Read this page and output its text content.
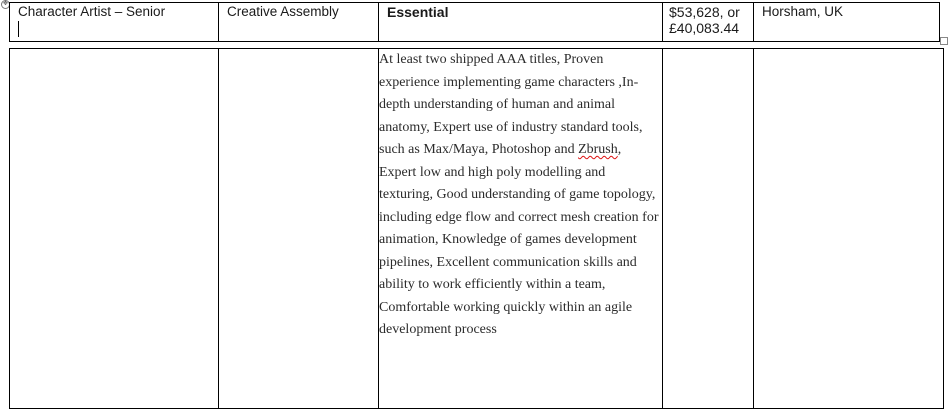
✥ Character Artist – Senior	Creative Assembly	Essential	$53,628, or
£40,083.44	Horsham, UK
		At least two shipped AAA titles, Proven experience implementing game characters ,In-depth understanding of human and animal anatomy, Expert use of industry standard tools, such as Max/Maya, Photoshop and Zbrush, Expert low and high poly modelling and texturing, Good understanding of game topology, including edge flow and correct mesh creation for animation, Knowledge of games development pipelines, Excellent communication skills and ability to work efficiently within a team, Comfortable working quickly within an agile development process		
